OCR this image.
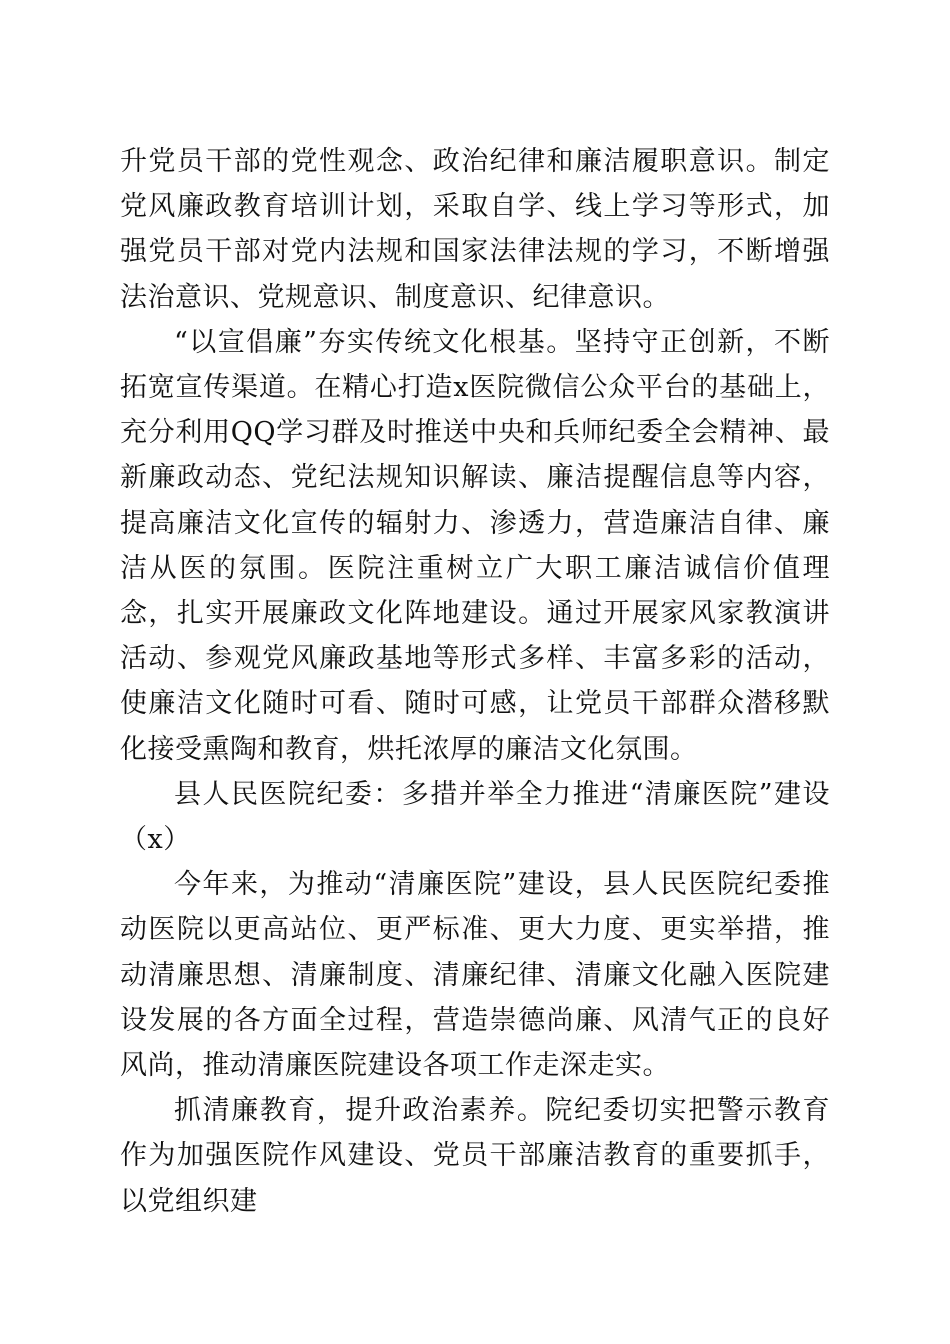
升党员干部的党性观念、政治纪律和廉洁履职意识。制定党风廉政教育培训计划，采取自学、线上学习等形式，加强党员干部对党内法规和国家法律法规的学习，不断增强法治意识、党规意识、制度意识、纪律意识。

“以宣倡廉”夯实传统文化根基。坚持守正创新，不断拓宽宣传渠道。在精心打造x医院微信公众平台的基础上，充分利用QQ学习群及时推送中央和兵师纪委全会精神、最新廉政动态、党纪法规知识解读、廉洁提醒信息等内容，提高廉洁文化宣传的辐射力、渗透力，营造廉洁自律、廉洁从医的氛围。医院注重树立广大职工廉洁诚信价值理念，扎实开展廉政文化阵地建设。通过开展家风家教演讲活动、参观党风廉政基地等形式多样、丰富多彩的活动，使廉洁文化随时可看、随时可感，让党员干部群众潜移默化接受熏陶和教育，烘托浓厚的廉洁文化氛围。

县人民医院纪委：多措并举全力推进“清廉医院”建设（x）

今年来，为推动“清廉医院”建设，县人民医院纪委推动医院以更高站位、更严标准、更大力度、更实举措，推动清廉思想、清廉制度、清廉纪律、清廉文化融入医院建设发展的各方面全过程，营造崇德尚廉、风清气正的良好风尚，推动清廉医院建设各项工作走深走实。

抓清廉教育，提升政治素养。院纪委切实把警示教育作为加强医院作风建设、党员干部廉洁教育的重要抓手，以党组织建
